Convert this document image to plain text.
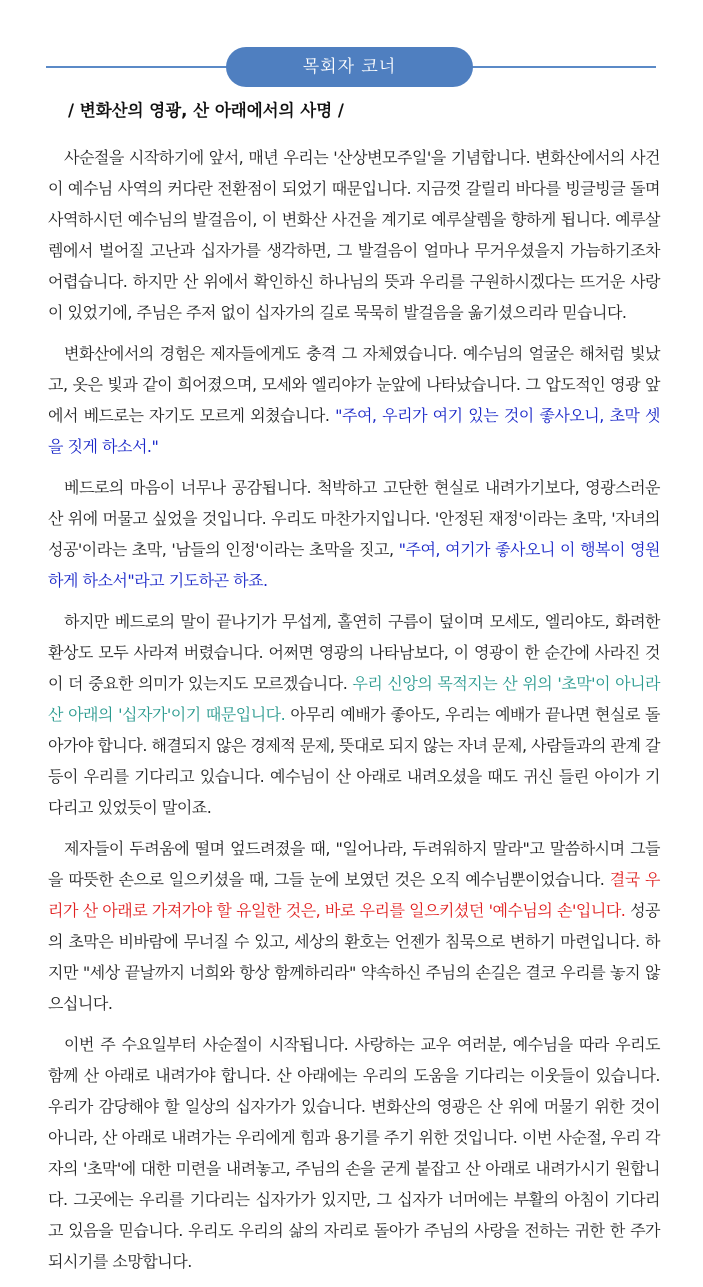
목회자 코너
/ 변화산의 영광, 산 아래에서의 사명 /

사순절을 시작하기에 앞서, 매년 우리는 '산상변모주일'을 기념합니다. 변화산에서의 사건이 예수님 사역의 커다란 전환점이 되었기 때문입니다. 지금껏 갈릴리 바다를 빙글빙글 돌며 사역하시던 예수님의 발걸음이, 이 변화산 사건을 계기로 예루살렘을 향하게 됩니다. 예루살렘에서 벌어질 고난과 십자가를 생각하면, 그 발걸음이 얼마나 무거우셨을지 가늠하기조차 어렵습니다. 하지만 산 위에서 확인하신 하나님의 뜻과 우리를 구원하시겠다는 뜨거운 사랑이 있었기에, 주님은 주저 없이 십자가의 길로 묵묵히 발걸음을 옮기셨으리라 믿습니다.

변화산에서의 경험은 제자들에게도 충격 그 자체였습니다. 예수님의 얼굴은 해처럼 빛났고, 옷은 빛과 같이 희어졌으며, 모세와 엘리야가 눈앞에 나타났습니다. 그 압도적인 영광 앞에서 베드로는 자기도 모르게 외쳤습니다. "주여, 우리가 여기 있는 것이 좋사오니, 초막 셋을 짓게 하소서."

베드로의 마음이 너무나 공감됩니다. 척박하고 고단한 현실로 내려가기보다, 영광스러운 산 위에 머물고 싶었을 것입니다. 우리도 마찬가지입니다. '안정된 재정'이라는 초막, '자녀의 성공'이라는 초막, '남들의 인정'이라는 초막을 짓고, "주여, 여기가 좋사오니 이 행복이 영원하게 하소서"라고 기도하곤 하죠.

하지만 베드로의 말이 끝나기가 무섭게, 홀연히 구름이 덮이며 모세도, 엘리야도, 화려한 환상도 모두 사라져 버렸습니다. 어쩌면 영광의 나타남보다, 이 영광이 한 순간에 사라진 것이 더 중요한 의미가 있는지도 모르겠습니다. 우리 신앙의 목적지는 산 위의 '초막'이 아니라 산 아래의 '십자가'이기 때문입니다. 아무리 예배가 좋아도, 우리는 예배가 끝나면 현실로 돌아가야 합니다. 해결되지 않은 경제적 문제, 뜻대로 되지 않는 자녀 문제, 사람들과의 관계 갈등이 우리를 기다리고 있습니다. 예수님이 산 아래로 내려오셨을 때도 귀신 들린 아이가 기다리고 있었듯이 말이죠.

제자들이 두려움에 떨며 엎드려졌을 때, "일어나라, 두려워하지 말라"고 말씀하시며 그들을 따뜻한 손으로 일으키셨을 때, 그들 눈에 보였던 것은 오직 예수님뿐이었습니다. 결국 우리가 산 아래로 가져가야 할 유일한 것은, 바로 우리를 일으키셨던 '예수님의 손'입니다. 성공의 초막은 비바람에 무너질 수 있고, 세상의 환호는 언젠가 침묵으로 변하기 마련입니다. 하지만 "세상 끝날까지 너희와 항상 함께하리라" 약속하신 주님의 손길은 결코 우리를 놓지 않으십니다.

이번 주 수요일부터 사순절이 시작됩니다. 사랑하는 교우 여러분, 예수님을 따라 우리도 함께 산 아래로 내려가야 합니다. 산 아래에는 우리의 도움을 기다리는 이웃들이 있습니다. 우리가 감당해야 할 일상의 십자가가 있습니다. 변화산의 영광은 산 위에 머물기 위한 것이 아니라, 산 아래로 내려가는 우리에게 힘과 용기를 주기 위한 것입니다. 이번 사순절, 우리 각자의 '초막'에 대한 미련을 내려놓고, 주님의 손을 굳게 붙잡고 산 아래로 내려가시기 원합니다. 그곳에는 우리를 기다리는 십자가가 있지만, 그 십자가 너머에는 부활의 아침이 기다리고 있음을 믿습니다. 우리도 우리의 삶의 자리로 돌아가 주님의 사랑을 전하는 귀한 한 주가 되시기를 소망합니다.
